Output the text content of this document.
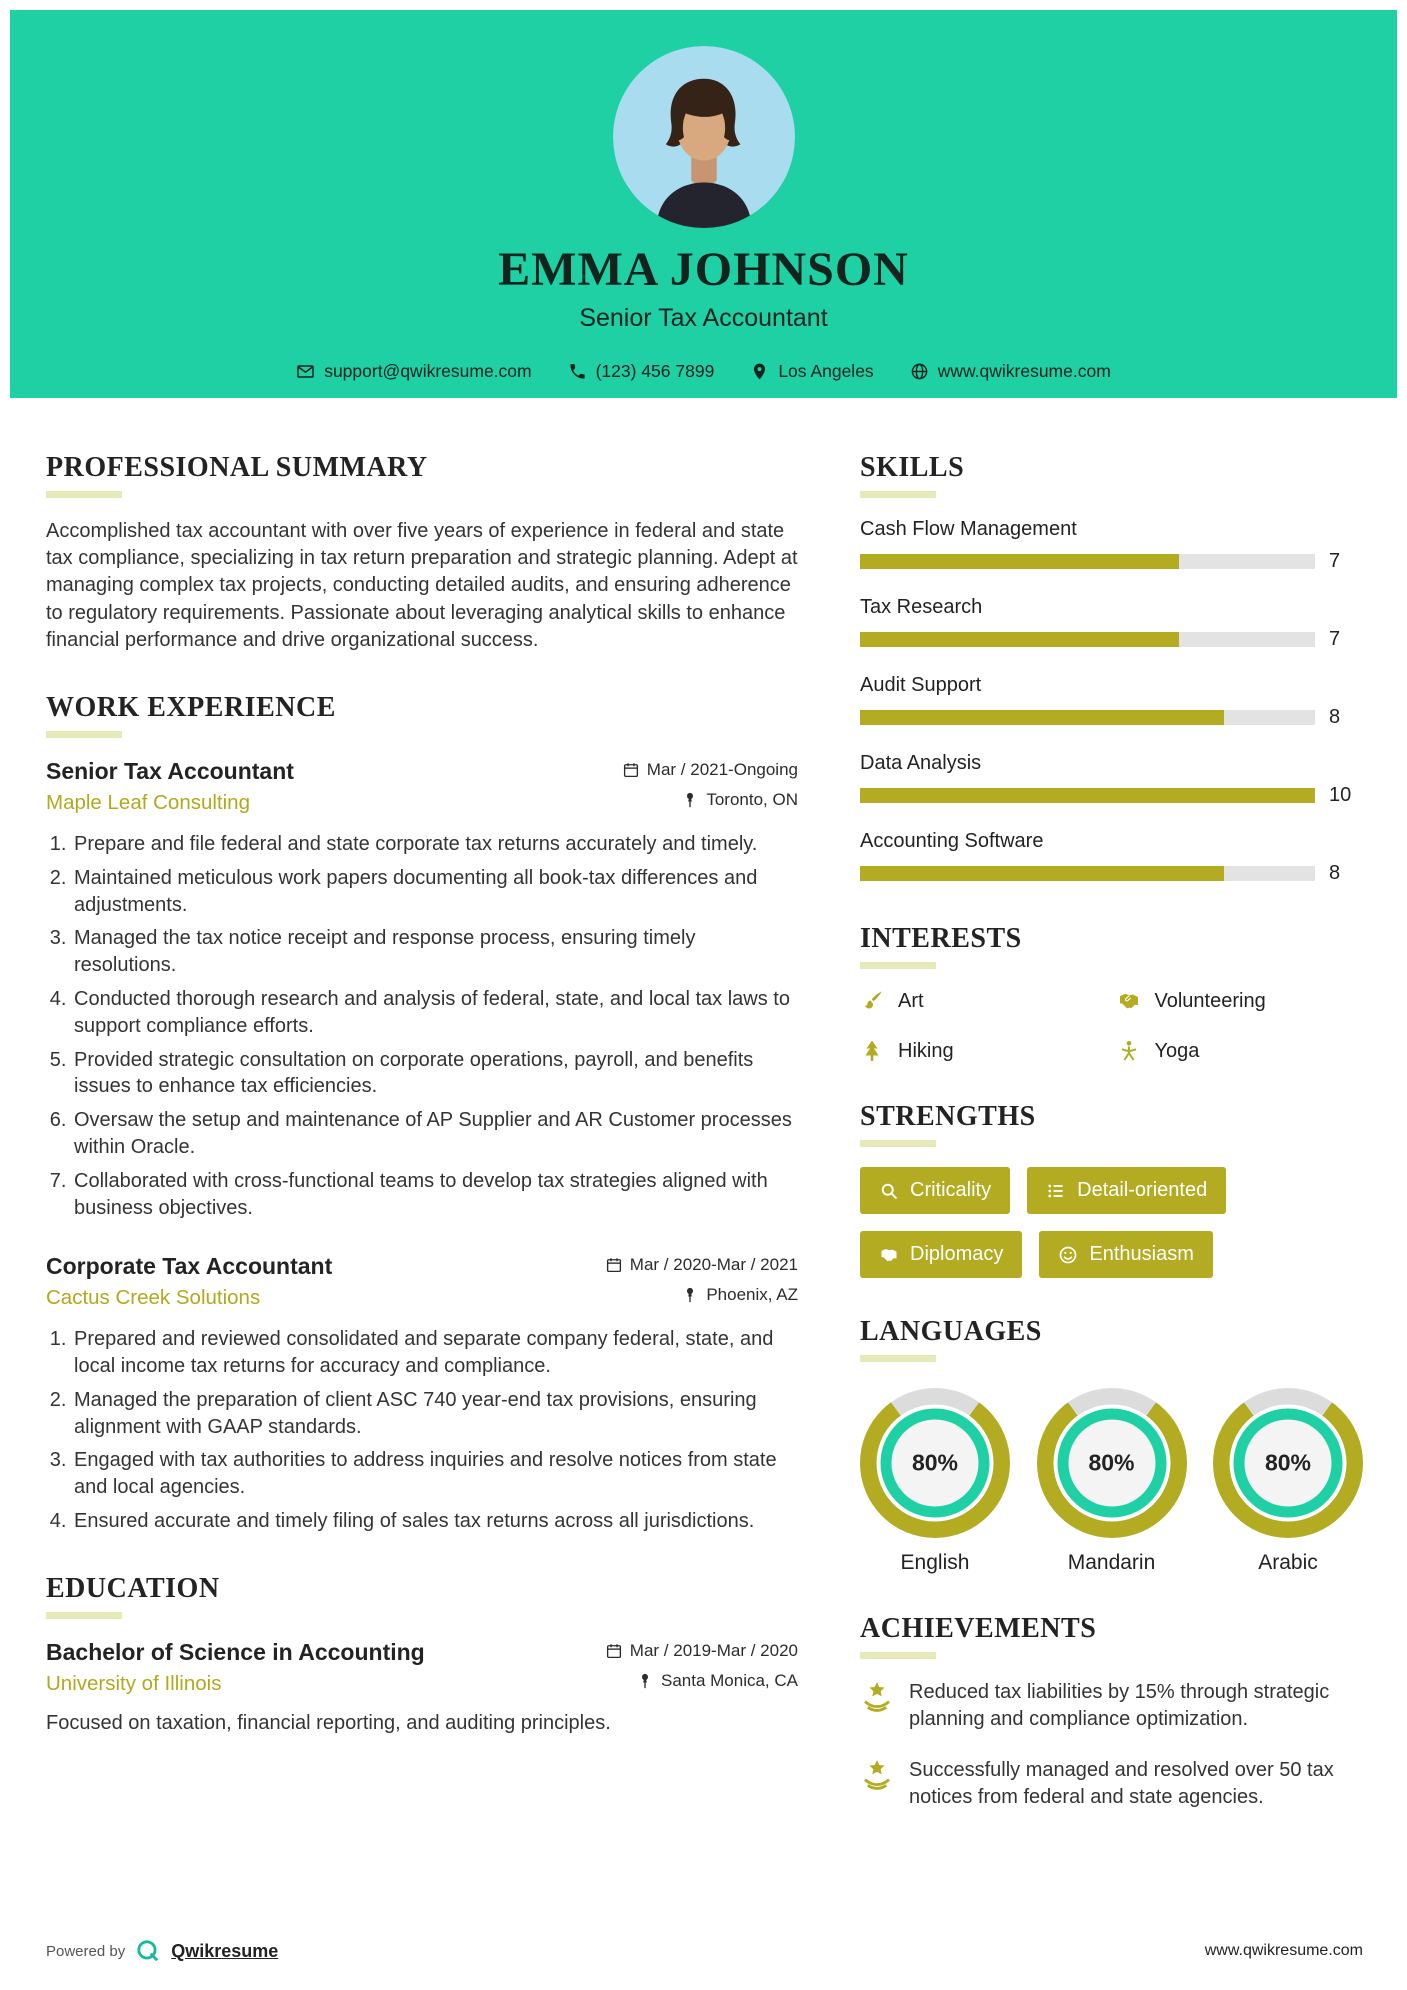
EMMA JOHNSON
Senior Tax Accountant
support@qwikresume.com	(123) 456 7899	Los Angeles	www.qwikresume.com
PROFESSIONAL SUMMARY

Accomplished tax accountant with over five years of experience in federal and state tax compliance, specializing in tax return preparation and strategic planning. Adept at managing complex tax projects, conducting detailed audits, and ensuring adherence to regulatory requirements. Passionate about leveraging analytical skills to enhance financial performance and drive organizational success.

WORK EXPERIENCE
Senior Tax Accountant	Mar / 2021-Ongoing
Maple Leaf Consulting	Toronto, ON
1. Prepare and file federal and state corporate tax returns accurately and timely.
2. Maintained meticulous work papers documenting all book-tax differences and adjustments.
3. Managed the tax notice receipt and response process, ensuring timely resolutions.
4. Conducted thorough research and analysis of federal, state, and local tax laws to support compliance efforts.
5. Provided strategic consultation on corporate operations, payroll, and benefits issues to enhance tax efficiencies.
6. Oversaw the setup and maintenance of AP Supplier and AR Customer processes within Oracle.
7. Collaborated with cross-functional teams to develop tax strategies aligned with business objectives.
Corporate Tax Accountant	Mar / 2020-Mar / 2021
Cactus Creek Solutions	Phoenix, AZ
1. Prepared and reviewed consolidated and separate company federal, state, and local income tax returns for accuracy and compliance.
2. Managed the preparation of client ASC 740 year-end tax provisions, ensuring alignment with GAAP standards.
3. Engaged with tax authorities to address inquiries and resolve notices from state and local agencies.
4. Ensured accurate and timely filing of sales tax returns across all jurisdictions.
EDUCATION
Bachelor of Science in Accounting	Mar / 2019-Mar / 2020
University of Illinois	Santa Monica, CA

Focused on taxation, financial reporting, and auditing principles.

SKILLS
Cash Flow Management
7
Tax Research
7
Audit Support
8
Data Analysis
10
Accounting Software
8
INTERESTS
Art	Volunteering
Hiking	Yoga
STRENGTHS
Criticality	Detail-oriented
Diplomacy	Enthusiasm
LANGUAGES
80%
English
80%
Mandarin
80%
Arabic
ACHIEVEMENTS

Reduced tax liabilities by 15% through strategic planning and compliance optimization.

Successfully managed and resolved over 50 tax notices from federal and state agencies.

Powered by	Qwikresume	www.qwikresume.com
